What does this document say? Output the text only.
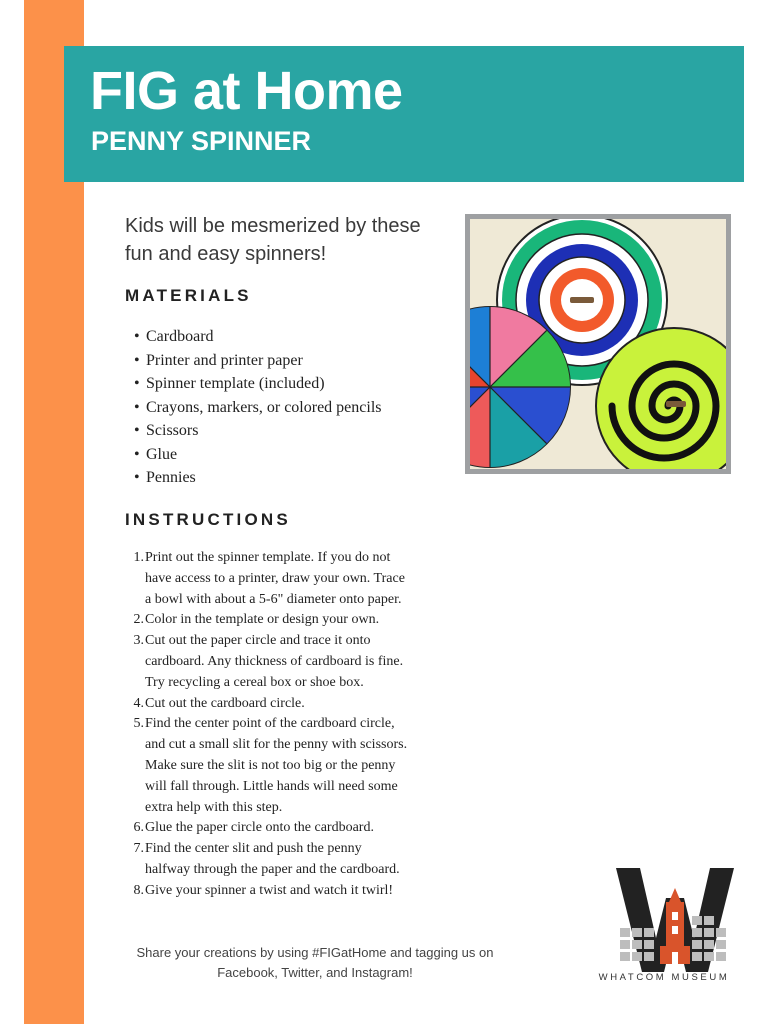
FIG at Home
PENNY SPINNER
Kids will be mesmerized by these fun and easy spinners!
MATERIALS
• Cardboard
• Printer and printer paper
• Spinner template (included)
• Crayons, markers, or colored pencils
• Scissors
• Glue
• Pennies
INSTRUCTIONS
1. Print out the spinner template. If you do not
have access to a printer, draw your own. Trace
a bowl with about a 5-6" diameter onto paper.
2. Color in the template or design your own.
3. Cut out the paper circle and trace it onto
cardboard. Any thickness of cardboard is fine.
Try recycling a cereal box or shoe box.
4. Cut out the cardboard circle.
5. Find the center point of the cardboard circle,
and cut a small slit for the penny with scissors.
Make sure the slit is not too big or the penny
will fall through. Little hands will need some
extra help with this step.
6. Glue the paper circle onto the cardboard.
7. Find the center slit and push the penny
halfway through the paper and the cardboard.
8. Give your spinner a twist and watch it twirl!
Share your creations by using #FIGatHome and tagging us on Facebook, Twitter, and Instagram!	WHATCOM MUSEUM
